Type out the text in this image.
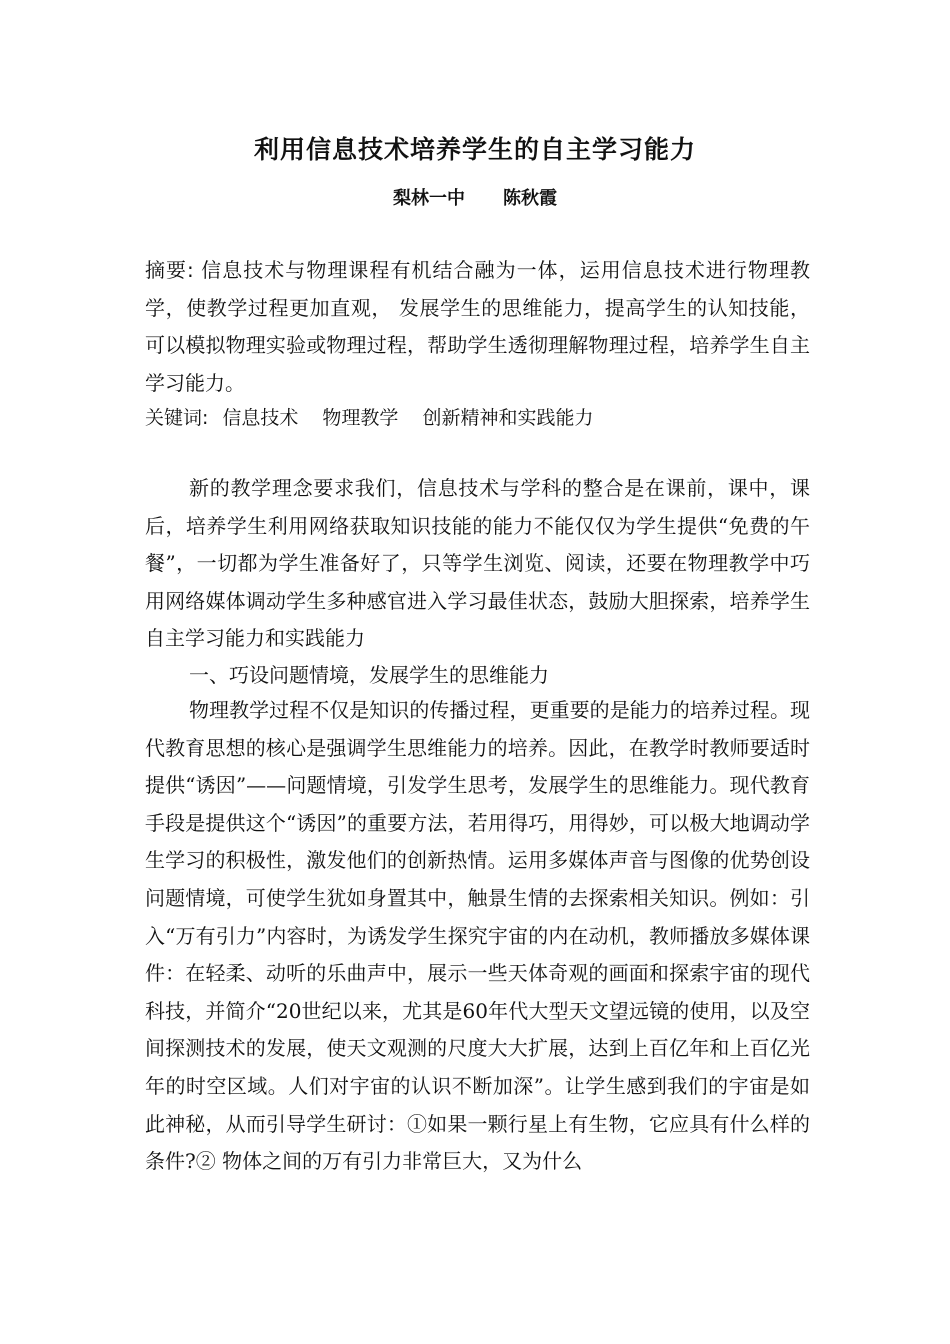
利用信息技术培养学生的自主学习能力
梨林一中 陈秋霞

摘要: 信息技术与物理课程有机结合融为一体，运用信息技术进行物理教学，使教学过程更加直观， 发展学生的思维能力，提高学生的认知技能，可以模拟物理实验或物理过程，帮助学生透彻理解物理过程，培养学生自主学习能力。

关键词: 信息技术 物理教学 创新精神和实践能力

新的教学理念要求我们，信息技术与学科的整合是在课前，课中，课后，培养学生利用网络获取知识技能的能力不能仅仅为学生提供“免费的午餐”，一切都为学生准备好了，只等学生浏览、阅读，还要在物理教学中巧用网络媒体调动学生多种感官进入学习最佳状态，鼓励大胆探索，培养学生自主学习能力和实践能力

一、巧设问题情境，发展学生的思维能力

物理教学过程不仅是知识的传播过程，更重要的是能力的培养过程。现代教育思想的核心是强调学生思维能力的培养。因此，在教学时教师要适时提供“诱因”——问题情境，引发学生思考，发展学生的思维能力。现代教育手段是提供这个“诱因”的重要方法，若用得巧，用得妙，可以极大地调动学生学习的积极性，激发他们的创新热情。运用多媒体声音与图像的优势创设问题情境，可使学生犹如身置其中，触景生情的去探索相关知识。例如：引入“万有引力”内容时，为诱发学生探究宇宙的内在动机，教师播放多媒体课件：在轻柔、动听的乐曲声中，展示一些天体奇观的画面和探索宇宙的现代科技，并简介“20世纪以来，尤其是60年代大型天文望远镜的使用，以及空间探测技术的发展，使天文观测的尺度大大扩展，达到上百亿年和上百亿光年的时空区域。人们对宇宙的认识不断加深”。让学生感到我们的宇宙是如此神秘，从而引导学生研讨：①如果一颗行星上有生物，它应具有什么样的条件?② 物体之间的万有引力非常巨大，又为什么
